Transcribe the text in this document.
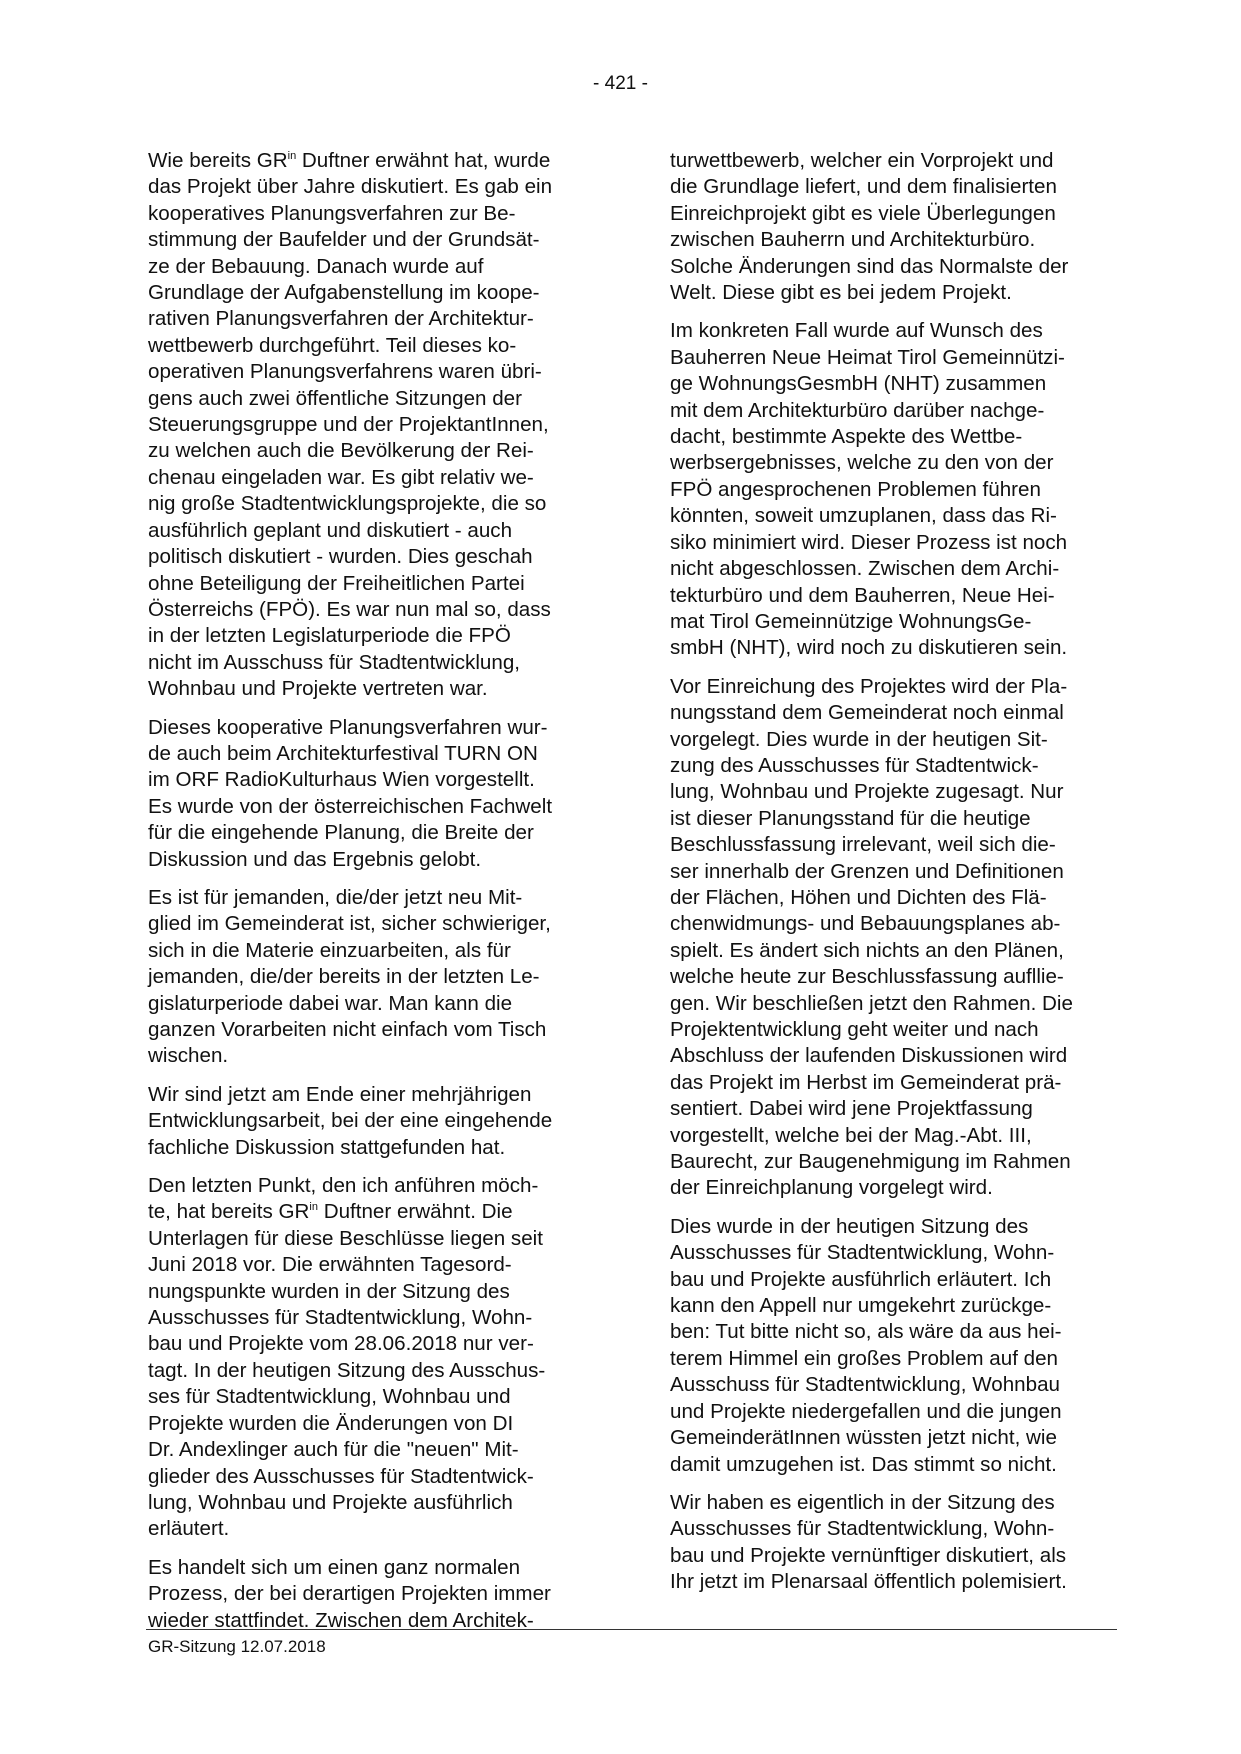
- 421 -

Wie bereits $GR^{in}$ Duftner erwähnt hat, wurde
das Projekt über Jahre diskutiert. Es gab ein
kooperatives Planungsverfahren zur Be-
stimmung der Baufelder und der Grundsät-
ze der Bebauung. Danach wurde auf
Grundlage der Aufgabenstellung im koope-
rativen Planungsverfahren der Architektur-
wettbewerb durchgeführt. Teil dieses ko-
operativen Planungsverfahrens waren übri-
gens auch zwei öffentliche Sitzungen der
Steuerungsgruppe und der ProjektantInnen,
zu welchen auch die Bevölkerung der Rei-
chenau eingeladen war. Es gibt relativ we-
nig große Stadtentwicklungsprojekte, die so
ausführlich geplant und diskutiert - auch
politisch diskutiert - wurden. Dies geschah
ohne Beteiligung der Freiheitlichen Partei
Österreichs (FPÖ). Es war nun mal so, dass
in der letzten Legislaturperiode die FPÖ
nicht im Ausschuss für Stadtentwicklung,
Wohnbau und Projekte vertreten war.

Dieses kooperative Planungsverfahren wur-
de auch beim Architekturfestival TURN ON
im ORF RadioKulturhaus Wien vorgestellt.
Es wurde von der österreichischen Fachwelt
für die eingehende Planung, die Breite der
Diskussion und das Ergebnis gelobt.

Es ist für jemanden, die/der jetzt neu Mit-
glied im Gemeinderat ist, sicher schwieriger,
sich in die Materie einzuarbeiten, als für
jemanden, die/der bereits in der letzten Le-
gislaturperiode dabei war. Man kann die
ganzen Vorarbeiten nicht einfach vom Tisch
wischen.

Wir sind jetzt am Ende einer mehrjährigen
Entwicklungsarbeit, bei der eine eingehende
fachliche Diskussion stattgefunden hat.

Den letzten Punkt, den ich anführen möch-
te, hat bereits $GR^{in}$ Duftner erwähnt. Die
Unterlagen für diese Beschlüsse liegen seit
Juni 2018 vor. Die erwähnten Tagesord-
nungspunkte wurden in der Sitzung des
Ausschusses für Stadtentwicklung, Wohn-
bau und Projekte vom 28.06.2018 nur ver-
tagt. In der heutigen Sitzung des Ausschus-
ses für Stadtentwicklung, Wohnbau und
Projekte wurden die Änderungen von DI
Dr. Andexlinger auch für die "neuen" Mit-
glieder des Ausschusses für Stadtentwick-
lung, Wohnbau und Projekte ausführlich
erläutert.

Es handelt sich um einen ganz normalen
Prozess, der bei derartigen Projekten immer
wieder stattfindet. Zwischen dem Architek-

turwettbewerb, welcher ein Vorprojekt und
die Grundlage liefert, und dem finalisierten
Einreichprojekt gibt es viele Überlegungen
zwischen Bauherrn und Architekturbüro.
Solche Änderungen sind das Normalste der
Welt. Diese gibt es bei jedem Projekt.

Im konkreten Fall wurde auf Wunsch des
Bauherren Neue Heimat Tirol Gemeinnützi-
ge WohnungsGesmbH (NHT) zusammen
mit dem Architekturbüro darüber nachge-
dacht, bestimmte Aspekte des Wettbe-
werbsergebnisses, welche zu den von der
FPÖ angesprochenen Problemen führen
könnten, soweit umzuplanen, dass das Ri-
siko minimiert wird. Dieser Prozess ist noch
nicht abgeschlossen. Zwischen dem Archi-
tekturbüro und dem Bauherren, Neue Hei-
mat Tirol Gemeinnützige WohnungsGe-
smbH (NHT), wird noch zu diskutieren sein.

Vor Einreichung des Projektes wird der Pla-
nungsstand dem Gemeinderat noch einmal
vorgelegt. Dies wurde in der heutigen Sit-
zung des Ausschusses für Stadtentwick-
lung, Wohnbau und Projekte zugesagt. Nur
ist dieser Planungsstand für die heutige
Beschlussfassung irrelevant, weil sich die-
ser innerhalb der Grenzen und Definitionen
der Flächen, Höhen und Dichten des Flä-
chenwidmungs- und Bebauungsplanes ab-
spielt. Es ändert sich nichts an den Plänen,
welche heute zur Beschlussfassung aufllie-
gen. Wir beschließen jetzt den Rahmen. Die
Projektentwicklung geht weiter und nach
Abschluss der laufenden Diskussionen wird
das Projekt im Herbst im Gemeinderat prä-
sentiert. Dabei wird jene Projektfassung
vorgestellt, welche bei der Mag.-Abt. III,
Baurecht, zur Baugenehmigung im Rahmen
der Einreichplanung vorgelegt wird.

Dies wurde in der heutigen Sitzung des
Ausschusses für Stadtentwicklung, Wohn-
bau und Projekte ausführlich erläutert. Ich
kann den Appell nur umgekehrt zurückge-
ben: Tut bitte nicht so, als wäre da aus hei-
terem Himmel ein großes Problem auf den
Ausschuss für Stadtentwicklung, Wohnbau
und Projekte niedergefallen und die jungen
GemeinderätInnen wüssten jetzt nicht, wie
damit umzugehen ist. Das stimmt so nicht.

Wir haben es eigentlich in der Sitzung des
Ausschusses für Stadtentwicklung, Wohn-
bau und Projekte vernünftiger diskutiert, als
Ihr jetzt im Plenarsaal öffentlich polemisiert.

GR-Sitzung 12.07.2018
